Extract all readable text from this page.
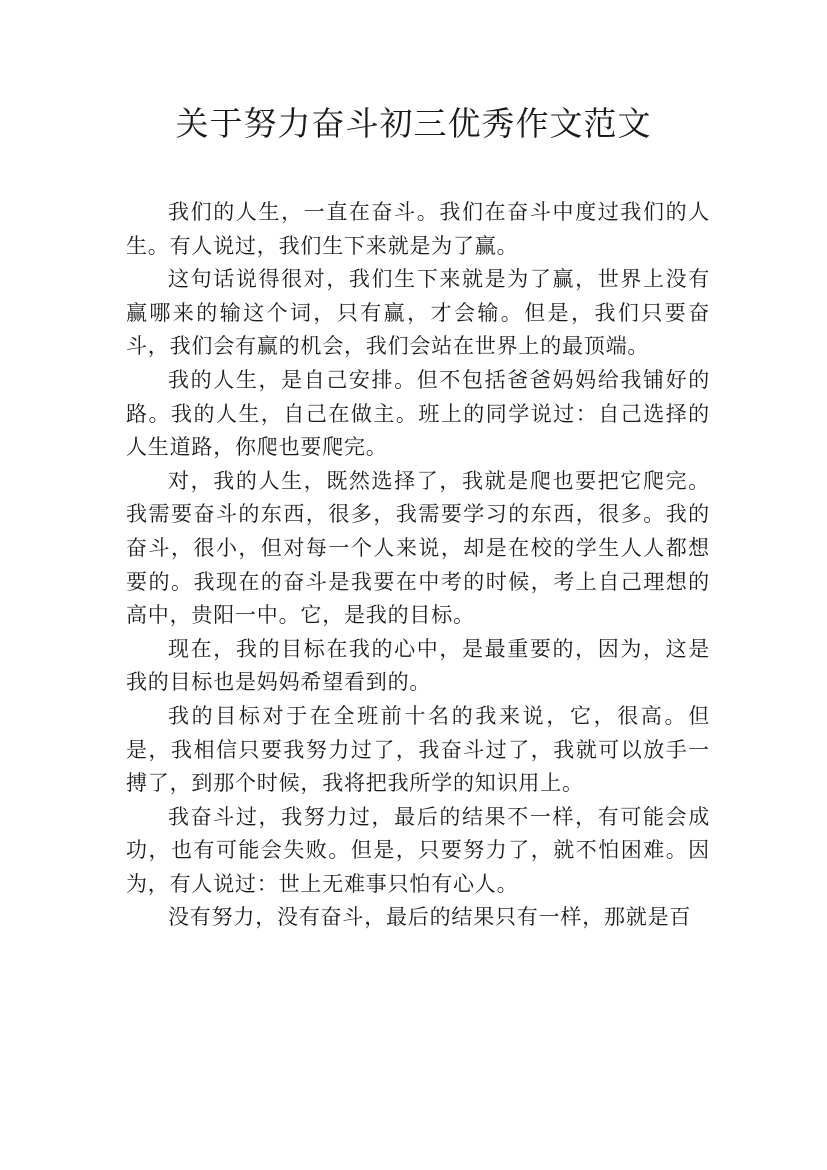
关于努力奋斗初三优秀作文范文

我们的人生，一直在奋斗。我们在奋斗中度过我们的人生。有人说过，我们生下来就是为了赢。

这句话说得很对，我们生下来就是为了赢，世界上没有赢哪来的输这个词，只有赢，才会输。但是，我们只要奋斗，我们会有赢的机会，我们会站在世界上的最顶端。

我的人生，是自己安排。但不包括爸爸妈妈给我铺好的路。我的人生，自己在做主。班上的同学说过：自己选择的人生道路，你爬也要爬完。

对，我的人生，既然选择了，我就是爬也要把它爬完。我需要奋斗的东西，很多，我需要学习的东西，很多。我的奋斗，很小，但对每一个人来说，却是在校的学生人人都想要的。我现在的奋斗是我要在中考的时候，考上自己理想的高中，贵阳一中。它，是我的目标。

现在，我的目标在我的心中，是最重要的，因为，这是我的目标也是妈妈希望看到的。

我的目标对于在全班前十名的我来说，它，很高。但是，我相信只要我努力过了，我奋斗过了，我就可以放手一搏了，到那个时候，我将把我所学的知识用上。

我奋斗过，我努力过，最后的结果不一样，有可能会成功，也有可能会失败。但是，只要努力了，就不怕困难。因为，有人说过：世上无难事只怕有心人。

没有努力，没有奋斗，最后的结果只有一样，那就是百
